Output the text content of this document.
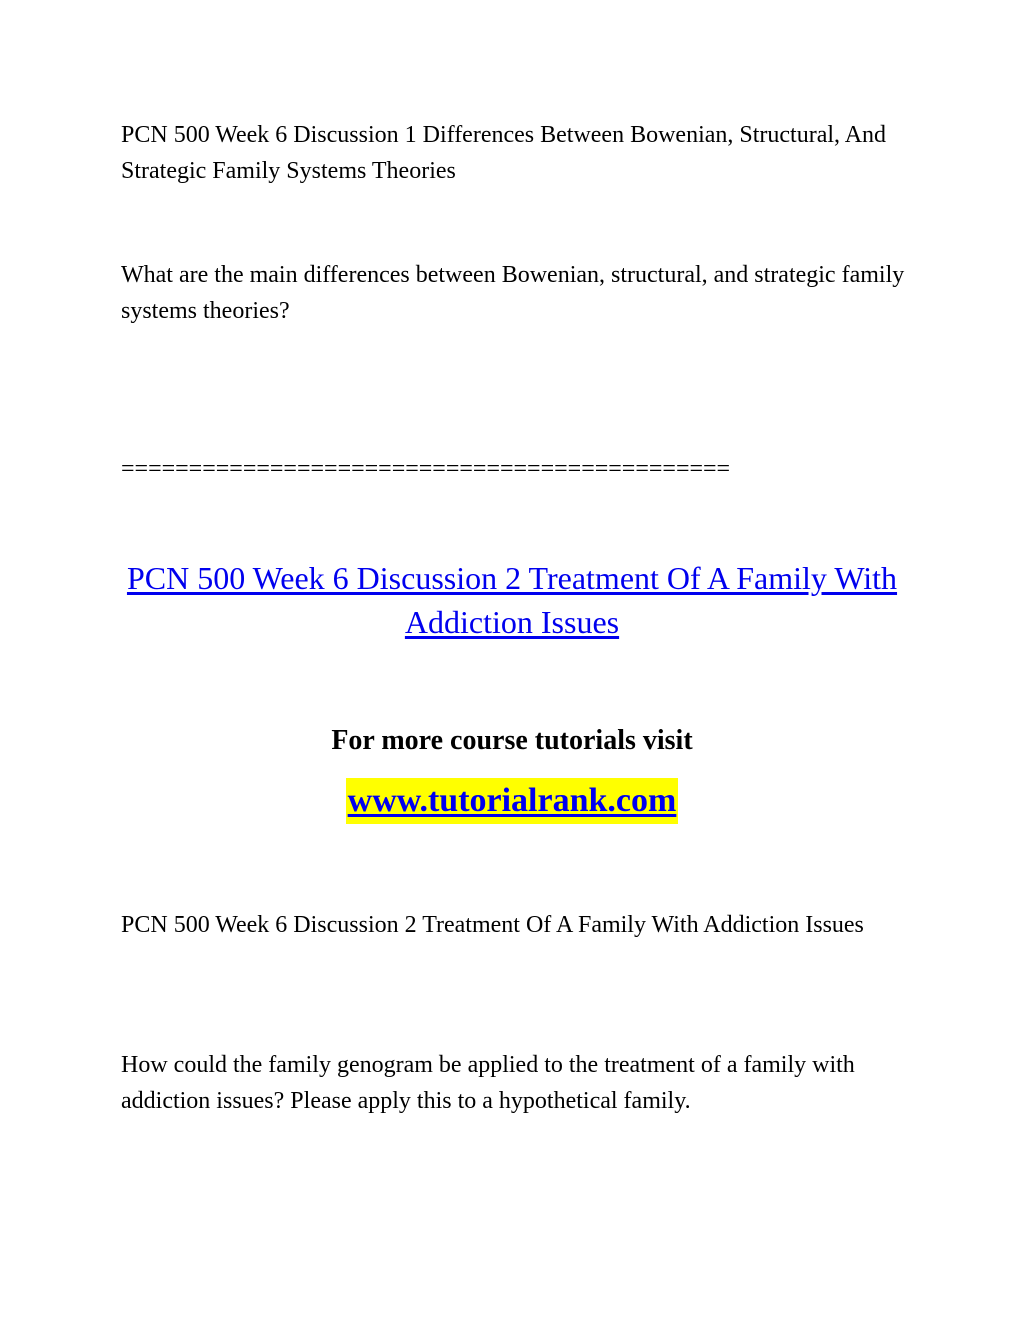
PCN 500 Week 6 Discussion 1 Differences Between Bowenian, Structural, And Strategic Family Systems Theories

What are the main differences between Bowenian, structural, and strategic family systems theories?

=============================================

PCN 500 Week 6 Discussion 2 Treatment Of A Family With Addiction Issues

For more course tutorials visit

www.tutorialrank.com

PCN 500 Week 6 Discussion 2 Treatment Of A Family With Addiction Issues

How could the family genogram be applied to the treatment of a family with addiction issues? Please apply this to a hypothetical family.
